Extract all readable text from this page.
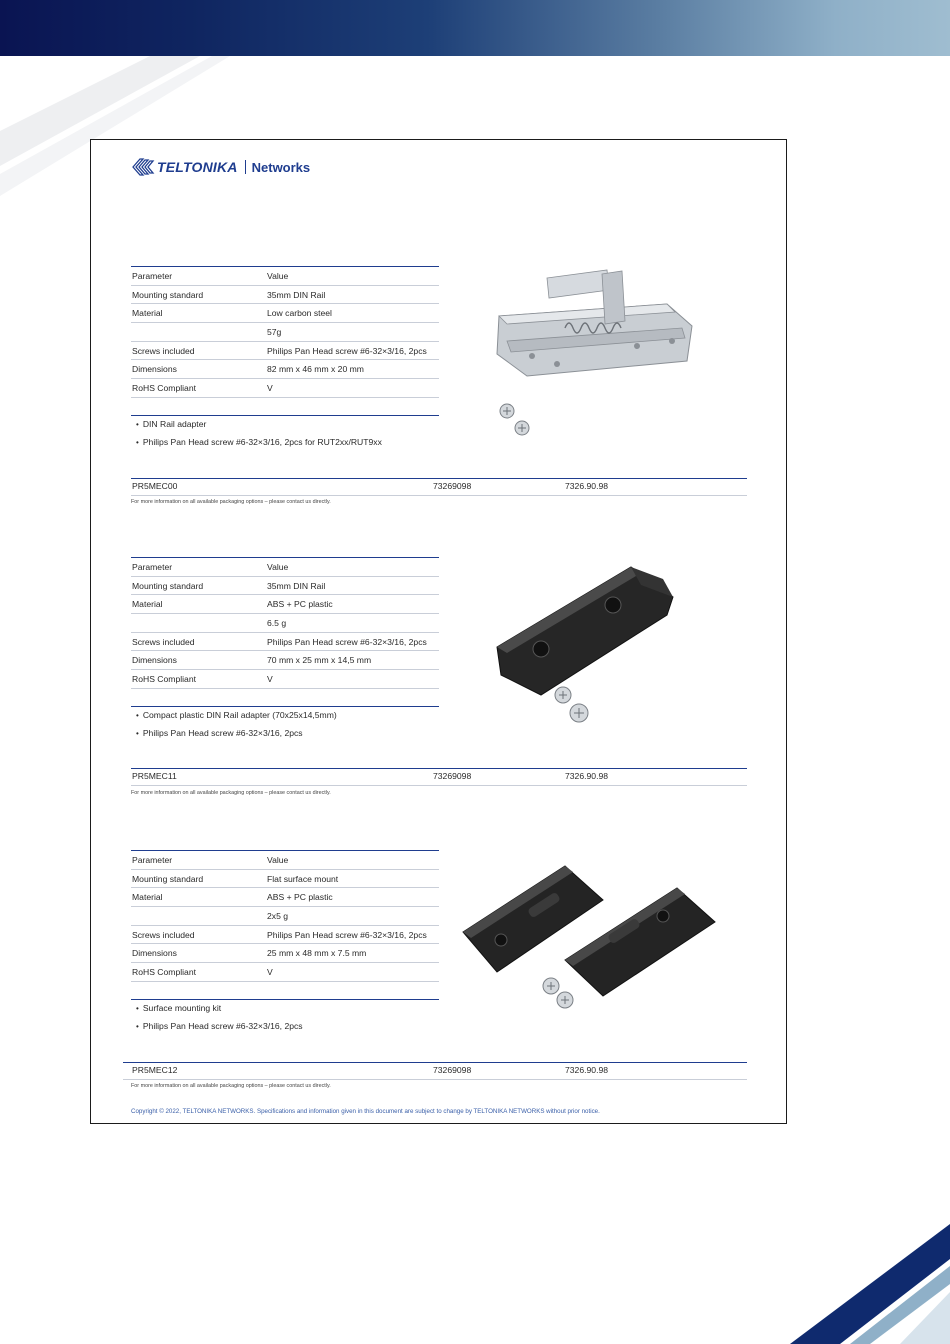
TELTONIKA Networks
Parameter	Value
Mounting standard	35mm DIN Rail
Material	Low carbon steel
	57g
Screws included	Philips Pan Head screw #6-32×3/16, 2pcs
Dimensions	82 mm x 46 mm x 20 mm
RoHS Compliant	V
• DIN Rail adapter
• Philips Pan Head screw #6-32×3/16, 2pcs for RUT2xx/RUT9xx
PR5MEC00	73269098	7326.90.98
For more information on all available packaging options – please contact us directly.
Parameter	Value
Mounting standard	35mm DIN Rail
Material	ABS + PC plastic
	6.5 g
Screws included	Philips Pan Head screw #6-32×3/16, 2pcs
Dimensions	70 mm x 25 mm x 14,5 mm
RoHS Compliant	V
• Compact plastic DIN Rail adapter (70x25x14,5mm)
• Philips Pan Head screw #6-32×3/16, 2pcs
PR5MEC11	73269098	7326.90.98
For more information on all available packaging options – please contact us directly.
Parameter	Value
Mounting standard	Flat surface mount
Material	ABS + PC plastic
	2x5 g
Screws included	Philips Pan Head screw #6-32×3/16, 2pcs
Dimensions	25 mm x 48 mm x 7.5 mm
RoHS Compliant	V
• Surface mounting kit
• Philips Pan Head screw #6-32×3/16, 2pcs
PR5MEC12	73269098	7326.90.98
For more information on all available packaging options – please contact us directly.
Copyright © 2022, TELTONIKA NETWORKS. Specifications and information given in this document are subject to change by TELTONIKA NETWORKS without prior notice.
